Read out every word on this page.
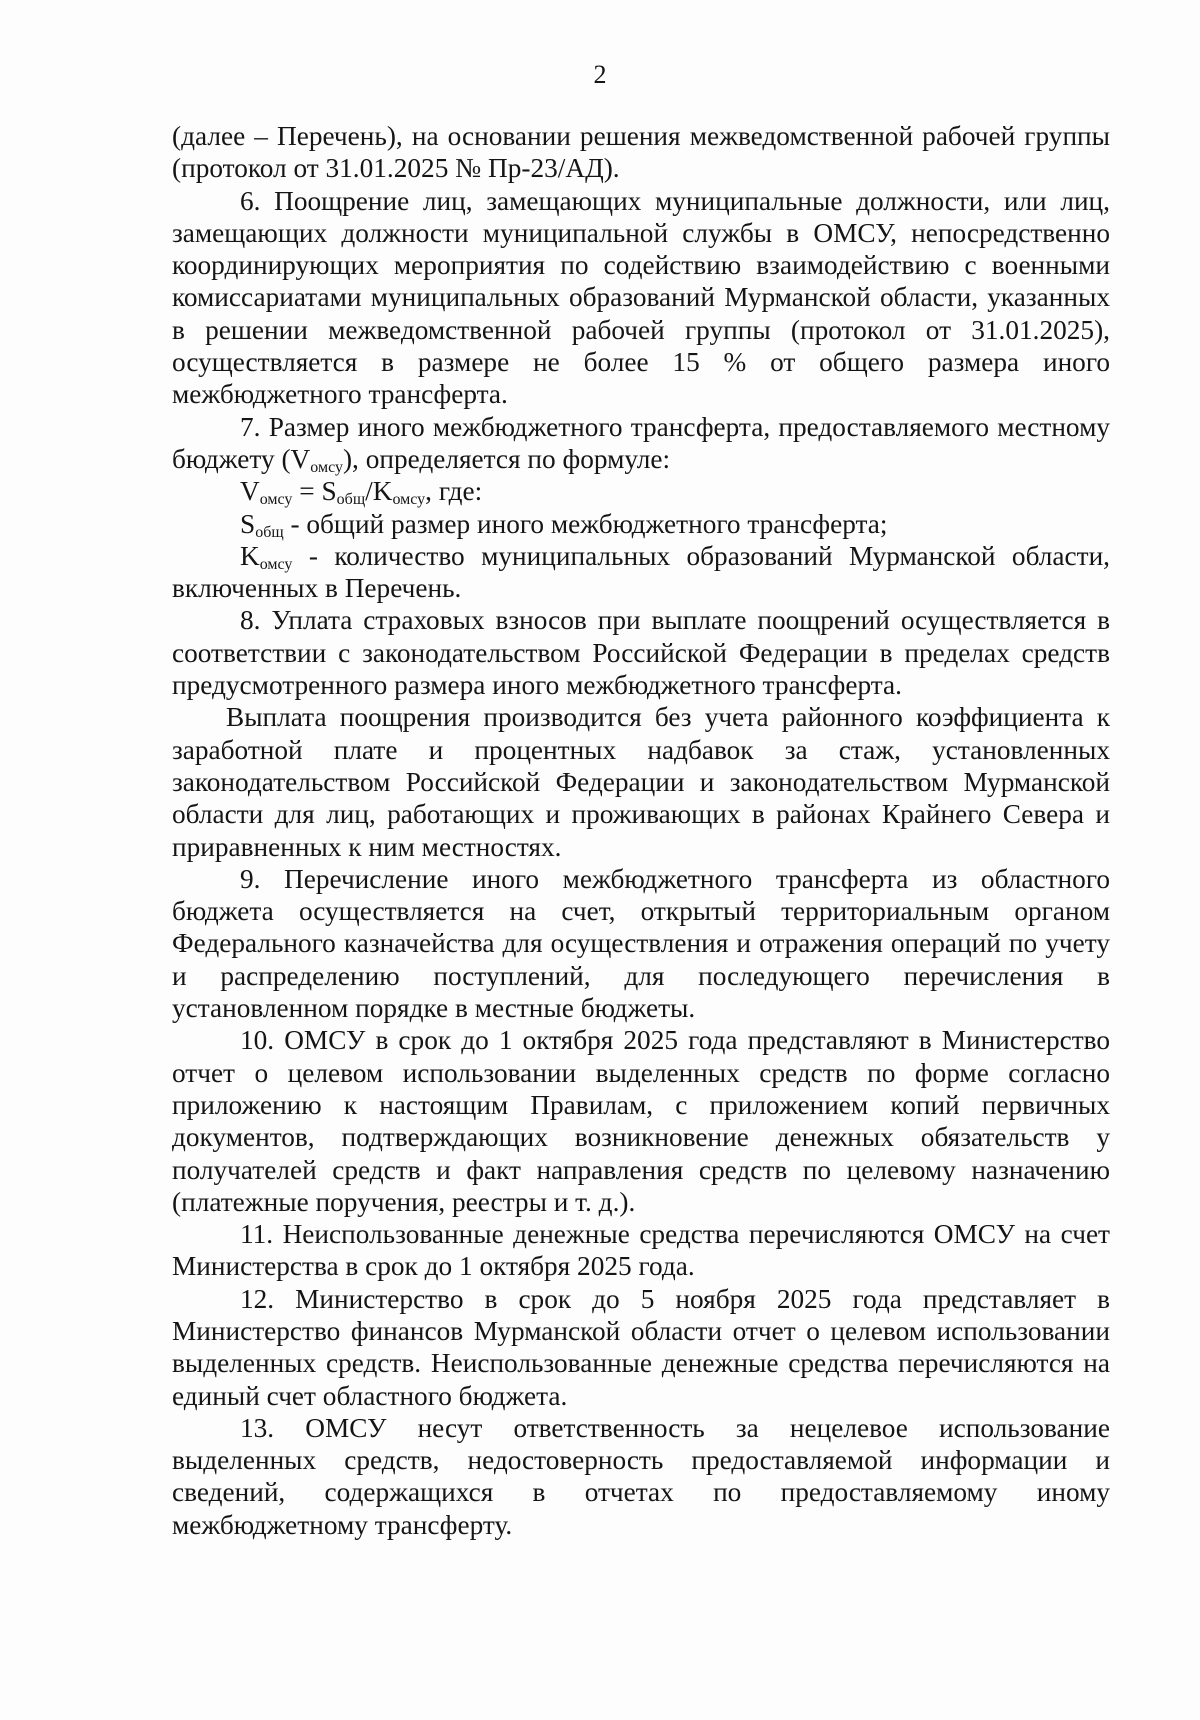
2

(далее – Перечень), на основании решения межведомственной рабочей группы (протокол от 31.01.2025 № Пр-23/АД).

6. Поощрение лиц, замещающих муниципальные должности, или лиц, замещающих должности муниципальной службы в ОМСУ, непосредственно координирующих мероприятия по содействию взаимодействию с военными комиссариатами муниципальных образований Мурманской области, указанных в решении межведомственной рабочей группы (протокол от 31.01.2025), осуществляется в размере не более 15 % от общего размера иного межбюджетного трансферта.

7. Размер иного межбюджетного трансферта, предоставляемого местному бюджету $(V_{омсу})$, определяется по формуле:

$V_{омсу} = S_{общ}/K_{омсу}$, где:

$S_{общ}$ - общий размер иного межбюджетного трансферта;

$K_{омсу}$ - количество муниципальных образований Мурманской области, включенных в Перечень.

8. Уплата страховых взносов при выплате поощрений осуществляется в соответствии с законодательством Российской Федерации в пределах средств предусмотренного размера иного межбюджетного трансферта.

Выплата поощрения производится без учета районного коэффициента к заработной плате и процентных надбавок за стаж, установленных законодательством Российской Федерации и законодательством Мурманской области для лиц, работающих и проживающих в районах Крайнего Севера и приравненных к ним местностях.

9. Перечисление иного межбюджетного трансферта из областного бюджета осуществляется на счет, открытый территориальным органом Федерального казначейства для осуществления и отражения операций по учету и распределению поступлений, для последующего перечисления в установленном порядке в местные бюджеты.

10. ОМСУ в срок до 1 октября 2025 года представляют в Министерство отчет о целевом использовании выделенных средств по форме согласно приложению к настоящим Правилам, с приложением копий первичных документов, подтверждающих возникновение денежных обязательств у получателей средств и факт направления средств по целевому назначению (платежные поручения, реестры и т. д.).

11. Неиспользованные денежные средства перечисляются ОМСУ на счет Министерства в срок до 1 октября 2025 года.

12. Министерство в срок до 5 ноября 2025 года представляет в Министерство финансов Мурманской области отчет о целевом использовании выделенных средств. Неиспользованные денежные средства перечисляются на единый счет областного бюджета.

13. ОМСУ несут ответственность за нецелевое использование выделенных средств, недостоверность предоставляемой информации и сведений, содержащихся в отчетах по предоставляемому иному межбюджетному трансферту.
